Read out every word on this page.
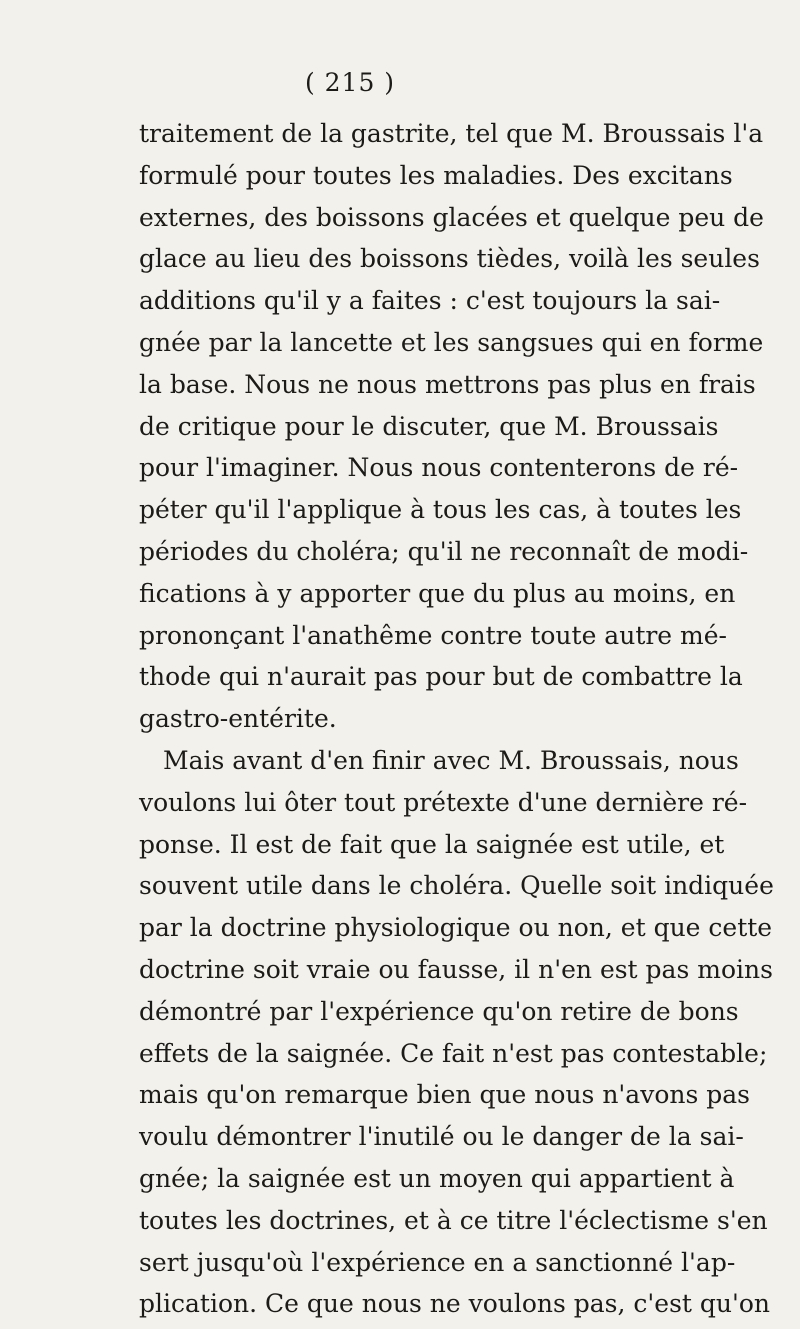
( 215 )
traitement de la gastrite, tel que M. Broussais l'a
formulé pour toutes les maladies. Des excitans
externes, des boissons glacées et quelque peu de
glace au lieu des boissons tièdes, voilà les seules
additions qu'il y a faites : c'est toujours la sai-
gnée par la lancette et les sangsues qui en forme
la base. Nous ne nous mettrons pas plus en frais
de critique pour le discuter, que M. Broussais
pour l'imaginer. Nous nous contenterons de ré-
péter qu'il l'applique à tous les cas, à toutes les
périodes du choléra; qu'il ne reconnaît de modi-
fications à y apporter que du plus au moins, en
prononçant l'anathême contre toute autre mé-
thode qui n'aurait pas pour but de combattre la
gastro-entérite.
Mais avant d'en finir avec M. Broussais, nous
voulons lui ôter tout prétexte d'une dernière ré-
ponse. Il est de fait que la saignée est utile, et
souvent utile dans le choléra. Quelle soit indiquée
par la doctrine physiologique ou non, et que cette
doctrine soit vraie ou fausse, il n'en est pas moins
démontré par l'expérience qu'on retire de bons
effets de la saignée. Ce fait n'est pas contestable;
mais qu'on remarque bien que nous n'avons pas
voulu démontrer l'inutilé ou le danger de la sai-
gnée; la saignée est un moyen qui appartient à
toutes les doctrines, et à ce titre l'éclectisme s'en
sert jusqu'où l'expérience en a sanctionné l'ap-
plication. Ce que nous ne voulons pas, c'est qu'on
